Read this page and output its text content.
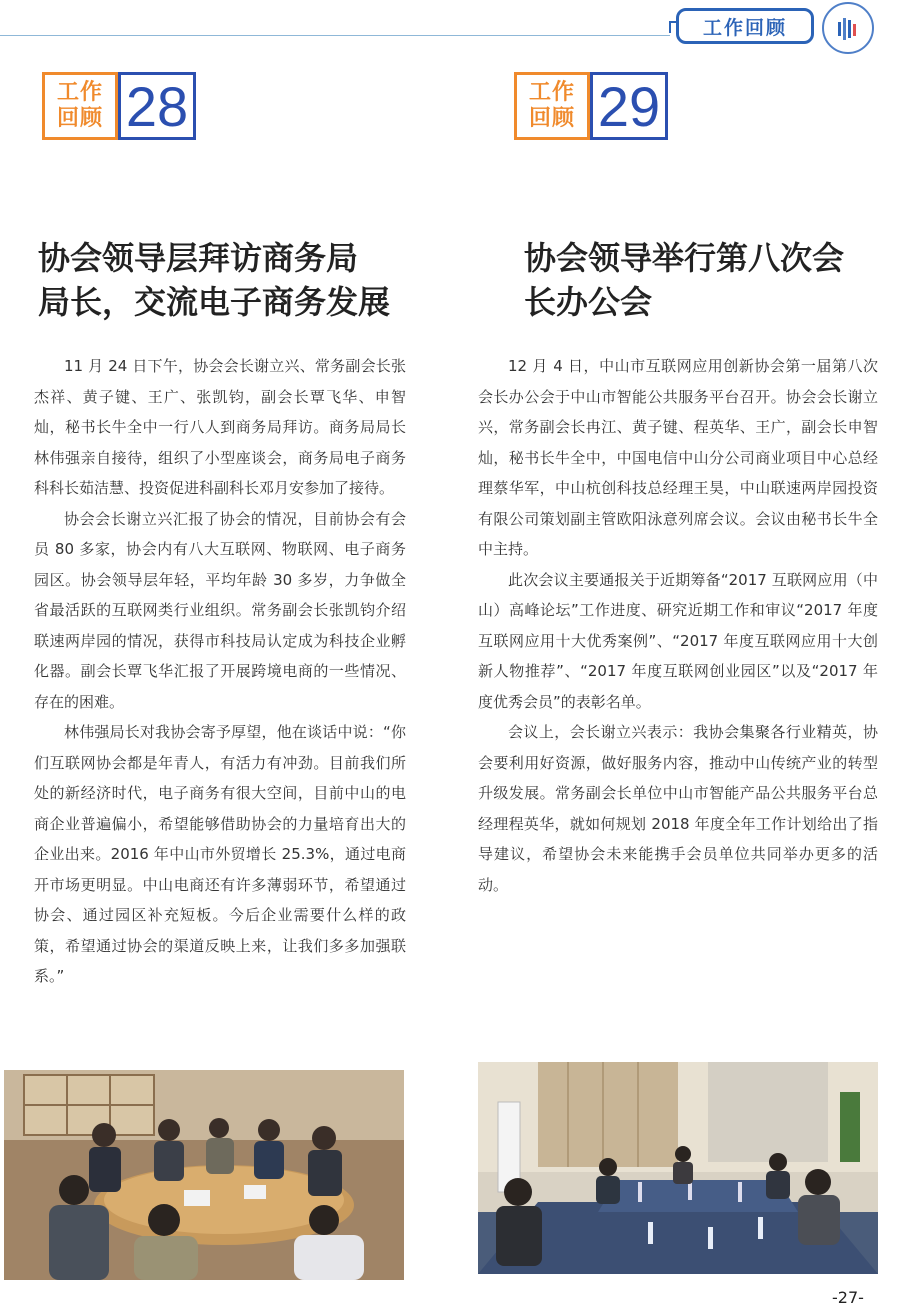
工作回顾
工作
回顾 28
协会领导层拜访商务局
局长，交流电子商务发展

11 月 24 日下午，协会会长谢立兴、常务副会长张杰祥、黄子键、王广、张凯钧，副会长覃飞华、申智灿，秘书长牛全中一行八人到商务局拜访。商务局局长林伟强亲自接待，组织了小型座谈会，商务局电子商务科科长茹洁慧、投资促进科副科长邓月安参加了接待。

协会会长谢立兴汇报了协会的情况，目前协会有会员 80 多家，协会内有八大互联网、物联网、电子商务园区。协会领导层年轻，平均年龄 30 多岁，力争做全省最活跃的互联网类行业组织。常务副会长张凯钧介绍联速两岸园的情况，获得市科技局认定成为科技企业孵化器。副会长覃飞华汇报了开展跨境电商的一些情况、存在的困难。

林伟强局长对我协会寄予厚望，他在谈话中说：“你们互联网协会都是年青人，有活力有冲劲。目前我们所处的新经济时代，电子商务有很大空间，目前中山的电商企业普遍偏小，希望能够借助协会的力量培育出大的企业出来。2016 年中山市外贸增长 25.3%，通过电商开市场更明显。中山电商还有许多薄弱环节，希望通过协会、通过园区补充短板。今后企业需要什么样的政策，希望通过协会的渠道反映上来，让我们多多加强联系。”

工作
回顾 29
协会领导举行第八次会
长办公会

12 月 4 日，中山市互联网应用创新协会第一届第八次会长办公会于中山市智能公共服务平台召开。协会会长谢立兴，常务副会长冉江、黄子键、程英华、王广，副会长申智灿，秘书长牛全中，中国电信中山分公司商业项目中心总经理蔡华军，中山杭创科技总经理王昊，中山联速两岸园投资有限公司策划副主管欧阳泳意列席会议。会议由秘书长牛全中主持。

此次会议主要通报关于近期筹备“2017 互联网应用（中山）高峰论坛”工作进度、研究近期工作和审议“2017 年度互联网应用十大优秀案例”、“2017 年度互联网应用十大创新人物推荐”、“2017 年度互联网创业园区”以及“2017 年度优秀会员”的表彰名单。

会议上，会长谢立兴表示：我协会集聚各行业精英，协会要利用好资源，做好服务内容，推动中山传统产业的转型升级发展。常务副会长单位中山市智能产品公共服务平台总经理程英华，就如何规划 2018 年度全年工作计划给出了指导建议，希望协会未来能携手会员单位共同举办更多的活动。

-27-
